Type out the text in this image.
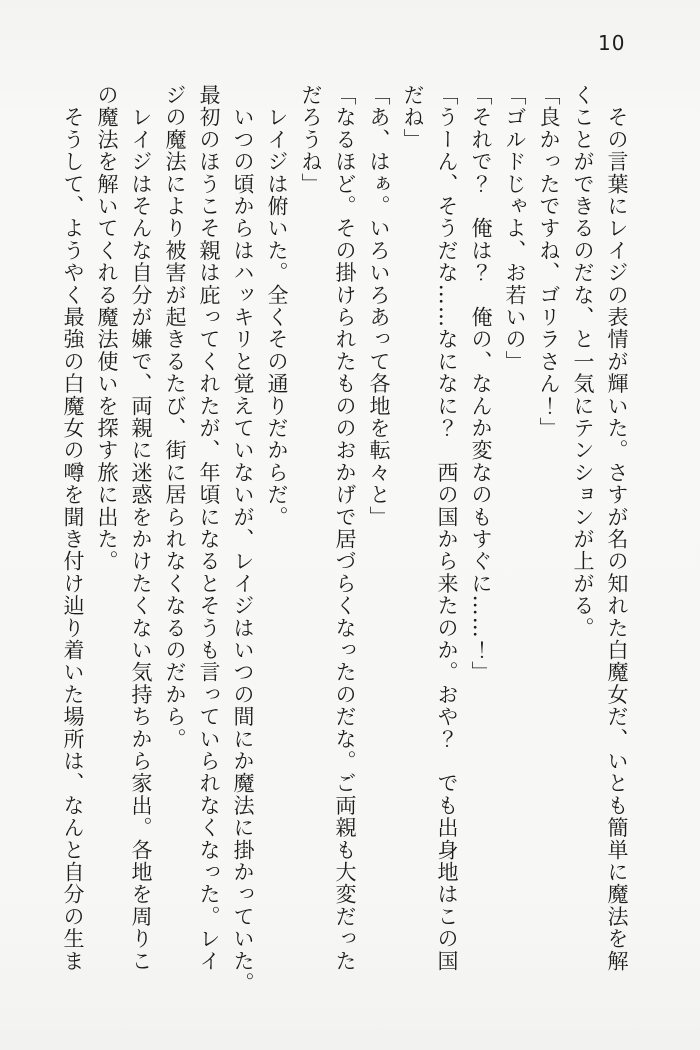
10
　その言葉にレイジの表情が輝いた。さすが名の知れた白魔女だ、いとも簡単に魔法を解
くことができるのだな、と一気にテンションが上がる。
「良かったですね、ゴリラさん！」
「ゴルドじゃよ、お若いの」
「それで？　俺は？　俺の、なんか変なのもすぐに……！」
「うーん、そうだな……なになに？　西の国から来たのか。おや？　でも出身地はこの国
だね」
「あ、はぁ。いろいろあって各地を転々と」
「なるほど。その掛けられたもののおかげで居づらくなったのだな。ご両親も大変だった
だろうね」
　レイジは俯いた。全くその通りだからだ。
　いつの頃からはハッキリと覚えていないが、レイジはいつの間にか魔法に掛かっていた。
最初のほうこそ親は庇ってくれたが、年頃になるとそうも言っていられなくなった。レイ
ジの魔法により被害が起きるたび、街に居られなくなるのだから。
　レイジはそんな自分が嫌で、両親に迷惑をかけたくない気持ちから家出。各地を周りこ
の魔法を解いてくれる魔法使いを探す旅に出た。
　そうして、ようやく最強の白魔女の噂を聞き付け辿り着いた場所は、なんと自分の生ま
